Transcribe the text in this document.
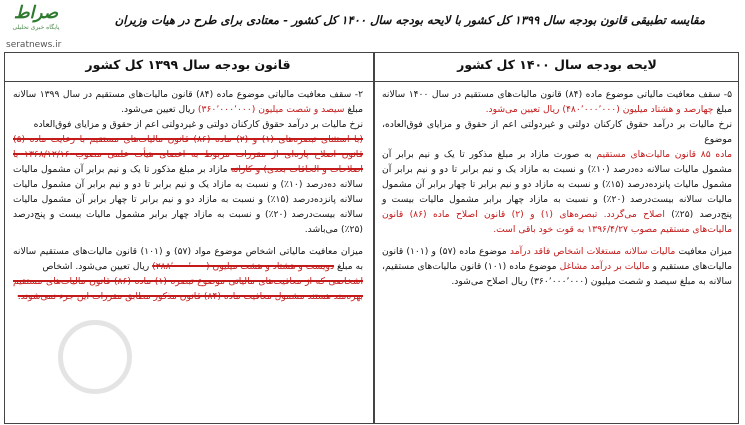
صراط
پایگاه خبری تحلیلی
seratnews.ir
مقایسه تطبیقی قانون بودجه سال ۱۳۹۹ کل کشور با لایحه بودجه سال ۱۴۰۰ کل کشور - معتادی برای طرح در هیات وزیران
لایحه بودجه سال ۱۴۰۰ کل کشور
قانون بودجه سال ۱۳۹۹ کل کشور
۵- سقف معافیت مالیاتی موضوع ماده (۸۴) قانون مالیات‌های مستقیم در سال ۱۴۰۰ سالانه مبلغ چهارصد و هشتاد میلیون (۴۸۰٬۰۰۰٬۰۰۰) ریال تعیین می‌شود.
نرخ مالیات بر درآمد حقوق کارکنان دولتی و غیردولتی اعم از حقوق و مزایای فوق‌العاده، موضوع
ماده ۸۵ قانون مالیات‌های مستقیم به صورت مازاد بر مبلغ مذکور تا یک و نیم برابر آن مشمول مالیات سالانه ده‌درصد (۱۰٪) و نسبت به مازاد یک و نیم برابر تا دو و نیم برابر آن مشمول مالیات پانزده‌درصد (۱۵٪) و نسبت به مازاد دو و نیم برابر تا چهار برابر آن مشمول مالیات سالانه بیست‌درصد (۲۰٪) و نسبت به مازاد چهار برابر مشمول مالیات بیست و پنج‌درصد (۲۵٪) اصلاح می‌گردد. تبصره‌های (۱) و (۲) قانون اصلاح ماده (۸۶) قانون مالیات‌های مستقیم مصوب ۱۳۹۶/۴/۲۷ به قوت خود باقی است.
میزان معافیت مالیات سالانه مستغلات اشخاص فاقد درآمد موضوع ماده (۵۷) و (۱۰۱) قانون مالیات‌های مستقیم و مالیات بر درآمد مشاغل موضوع ماده (۱۰۱) قانون مالیات‌های مستقیم، سالانه به مبلغ سیصد و شصت میلیون (۳۶۰٬۰۰۰٬۰۰۰) ریال اصلاح می‌شود.
۲- سقف معافیت مالیاتی موضوع ماده (۸۴) قانون مالیات‌های مستقیم در سال ۱۳۹۹ سالانه مبلغ سیصد و شصت میلیون (۳۶۰٬۰۰۰٬۰۰۰) ریال تعیین می‌شود.
نرخ مالیات بر درآمد حقوق کارکنان دولتی و غیردولتی اعم از حقوق و مزایای فوق‌العاده
(با استثنای تبصره‌های (۱) و (۲) ماده (۸۶) قانون مالیات‌های مستقیم با رعایت ماده (۵) قانون اصلاح پاره‌ای از مقررات مربوط به اعضای هیأت علمی مصوب ۱۳۶۸/۱۲/۱۶ با اصلاحات و الحاقات بعدی) و کارانه مازاد بر مبلغ مذکور تا یک و نیم برابر آن مشمول مالیات سالانه ده‌درصد (۱۰٪) و نسبت به مازاد یک و نیم برابر تا دو و نیم برابر آن مشمول مالیات سالانه پانزده‌درصد (۱۵٪) و نسبت به مازاد دو و نیم برابر تا چهار برابر آن مشمول مالیات سالانه بیست‌درصد (۲۰٪) و نسبت به مازاد چهار برابر مشمول مالیات بیست و پنج‌درصد (۲۵٪) می‌باشد.
میزان معافیت مالیاتی اشخاص موضوع مواد (۵۷) و (۱۰۱) قانون مالیات‌های مستقیم سالانه به مبلغ دویست و هشتاد و هشت میلیون (۲۸۸٬۰۰۰٬۰۰۰) ریال تعیین می‌شود. اشخاص
اشخاصی که از معافیت‌های مالیاتی موضوع تبصره (۱) ماده (۸۶) قانون مالیات‌های مستقیم بهره‌مند هستند مشمول معافیت ماده (۸۴) قانون مذکور مطابق مقررات این جزء نمی‌شوند.
